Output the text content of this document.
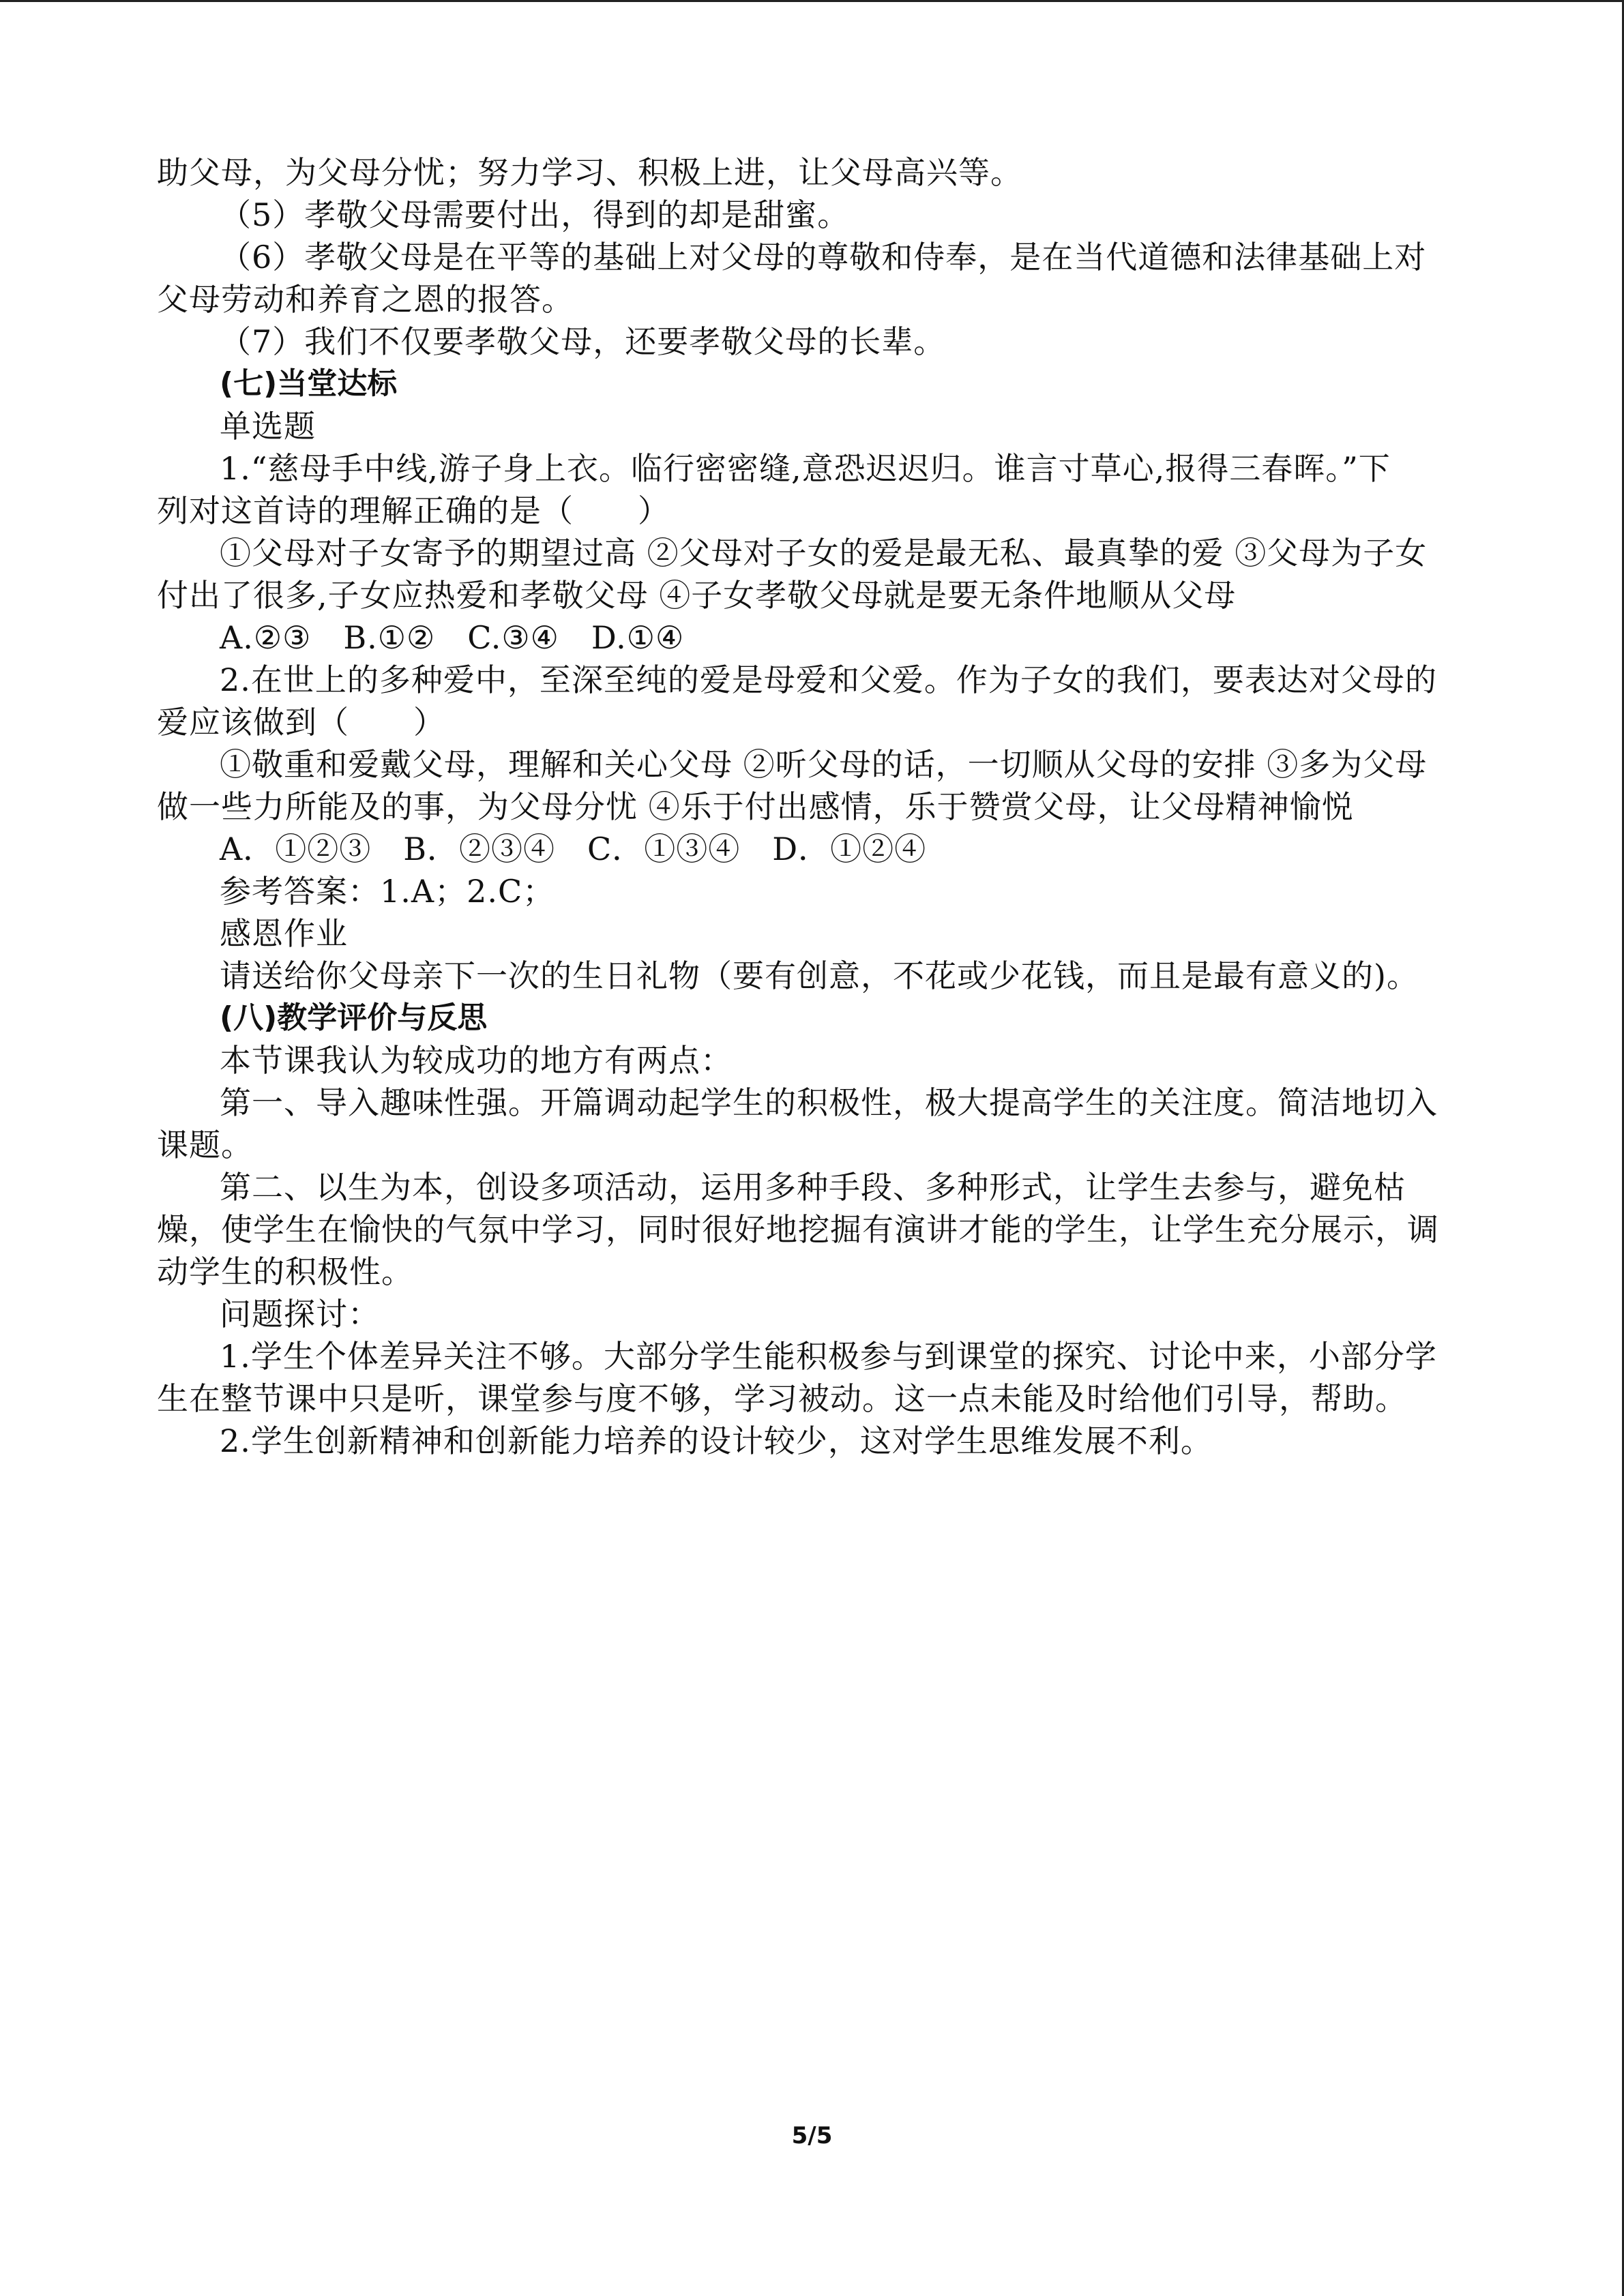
助父母，为父母分忧；努力学习、积极上进，让父母高兴等。
（5）孝敬父母需要付出，得到的却是甜蜜。
（6）孝敬父母是在平等的基础上对父母的尊敬和侍奉，是在当代道德和法律基础上对
父母劳动和养育之恩的报答。
（7）我们不仅要孝敬父母，还要孝敬父母的长辈。
(七)当堂达标
单选题
1.“慈母手中线,游子身上衣。临行密密缝,意恐迟迟归。谁言寸草心,报得三春晖。”下
列对这首诗的理解正确的是（　　）
①父母对子女寄予的期望过高 ②父母对子女的爱是最无私、最真挚的爱 ③父母为子女
付出了很多,子女应热爱和孝敬父母 ④子女孝敬父母就是要无条件地顺从父母
A.②③　B.①②　C.③④　D.①④
2.在世上的多种爱中，至深至纯的爱是母爱和父爱。作为子女的我们，要表达对父母的
爱应该做到（　　）
①敬重和爱戴父母，理解和关心父母 ②听父母的话，一切顺从父母的安排 ③多为父母
做一些力所能及的事，为父母分忧 ④乐于付出感情，乐于赞赏父母，让父母精神愉悦
A．①②③　B．②③④　C．①③④　D．①②④
参考答案：1.A；2.C；
感恩作业
请送给你父母亲下一次的生日礼物（要有创意，不花或少花钱，而且是最有意义的)。
(八)教学评价与反思
本节课我认为较成功的地方有两点：
第一、导入趣味性强。开篇调动起学生的积极性，极大提高学生的关注度。简洁地切入
课题。
第二、以生为本，创设多项活动，运用多种手段、多种形式，让学生去参与，避免枯
燥，使学生在愉快的气氛中学习，同时很好地挖掘有演讲才能的学生，让学生充分展示，调
动学生的积极性。
问题探讨：
1.学生个体差异关注不够。大部分学生能积极参与到课堂的探究、讨论中来，小部分学
生在整节课中只是听，课堂参与度不够，学习被动。这一点未能及时给他们引导，帮助。
2.学生创新精神和创新能力培养的设计较少，这对学生思维发展不利。
5/5
